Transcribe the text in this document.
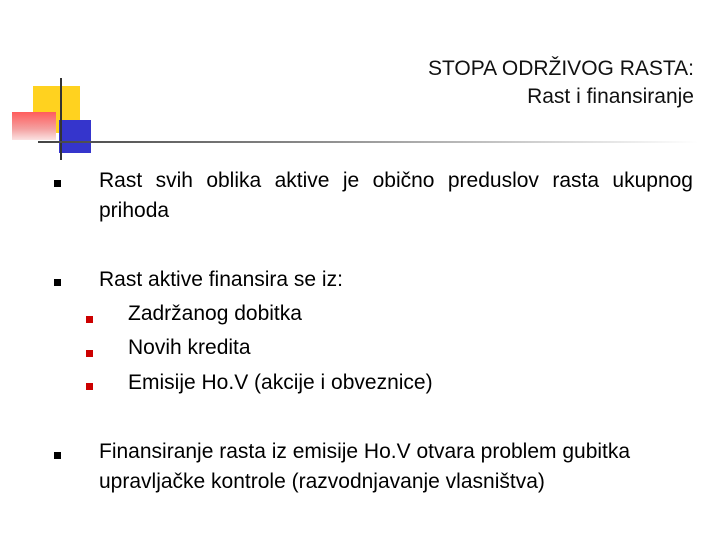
STOPA ODRŽIVOG RASTA:
Rast i finansiranje
Rast svih oblika aktive je obično preduslov rasta ukupnog prihoda
Rast aktive finansira se iz:
Zadržanog dobitka
Novih kredita
Emisije Ho.V (akcije i obveznice)
Finansiranje rasta iz emisije Ho.V otvara problem gubitka upravljačke kontrole (razvodnjavanje vlasništva)
